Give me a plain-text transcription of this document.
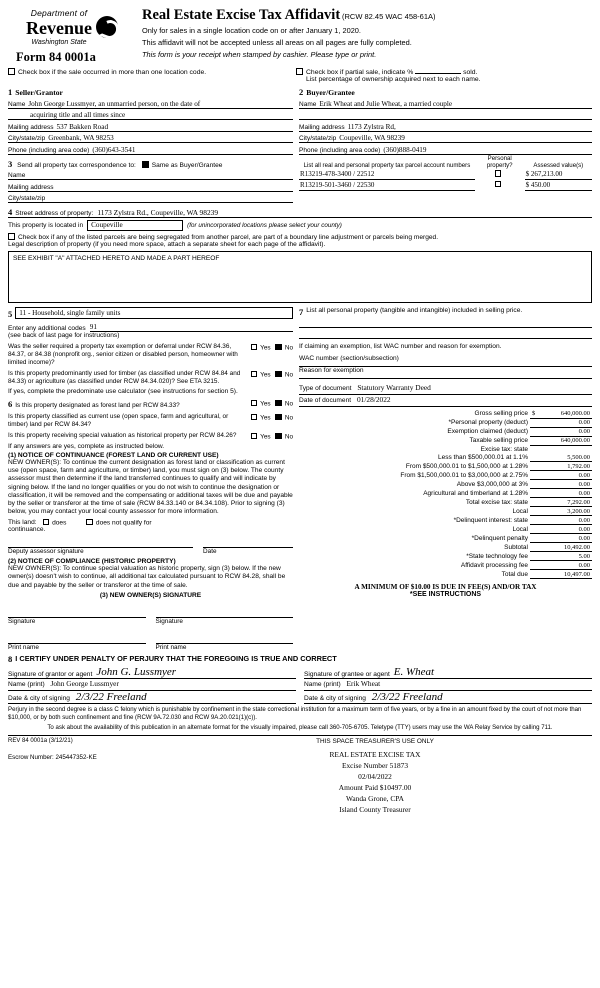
Department of
Revenue
Washington State
Form 84 0001a
Real Estate Excise Tax Affidavit (RCW 82.45 WAC 458-61A)
Only for sales in a single location code on or after January 1, 2020.
This affidavit will not be accepted unless all areas on all pages are fully completed.
This form is your receipt when stamped by cashier. Please type or print.
Check box if the sale occurred in more than one location code.	Check box if partial sale, indicate %	sold.
List percentage of ownership acquired next to each name.
1 Seller/Grantor
Name John George Lussmyer, an unmarried person, on the date of
acquiring title and all times since
Mailing address 537 Bakken Road
City/state/zip Greenbank, WA 98253
Phone (including area code) (360)643-3541
3 Send all property tax correspondence to: Same as Buyer/Grantee
Name
Mailing address
City/state/zip
2 Buyer/Grantee
Name Erik Wheat and Julie Wheat, a married couple
Mailing address 1173 Zylstra Rd,
City/state/zip Coupeville, WA 98239
Phone (including area code) (360)888-0419
List all real and personal property tax parcel account numbers	Personal property?	Assessed value(s)
R13219-478-3400 / 22512		$ 267,213.00
R13219-501-3460 / 22530		$ 450.00
4 Street address of property: 1173 Zylstra Rd., Coupeville, WA 98239
This property is located in	Coupeville	(for unincorporated locations please select your county)
Check box if any of the listed parcels are being segregated from another parcel, are part of a boundary line adjustment or parcels being merged.
Legal description of property (if you need more space, attach a separate sheet for each page of the affidavit).
SEE EXHIBIT "A" ATTACHED HERETO AND MADE A PART HEREOF
5 11 - Household, single family units
Enter any additional codes 91
(see back of last page for instructions)
Was the seller required a property tax exemption or deferral under RCW 84.36, 84.37, or 84.38 (nonprofit org., senior citizen or disabled person, homeowner with limited income)?
Yes No
Is this property predominantly used for timber (as classified under RCW 84.84 and 84.33) or agriculture (as classified under RCW 84.34.020)? See ETA 3215.
Yes No
If yes, complete the predominate use calculator (see instructions for section 5).
6 Is this property designated as forest land per RCW 84.33?	Yes No
Is this property classified as current use (open space, farm and agricultural, or timber) land per RCW 84.34?
Yes No
Is this property receiving special valuation as historical property per RCW 84.26?	Yes No
If any answers are yes, complete as instructed below.
(1) NOTICE OF CONTINUANCE (FOREST LAND OR CURRENT USE)
NEW OWNER(S): To continue the current designation as forest land or classification as current use (open space, farm and agriculture, or timber) land, you must sign on (3) below. The county assessor must then determine if the land transferred continues to qualify and will indicate by signing below. If the land no longer qualifies or you do not wish to continue the designation or classification, it will be removed and the compensating or additional taxes will be due and payable by the seller or transferor at the time of sale (RCW 84.33.140 or 84.34.108). Prior to signing (3) below, you may contact your local county assessor for more information.
This land:	does	does not qualify for
continuance.
Deputy assessor signature	Date
(2) NOTICE OF COMPLIANCE (HISTORIC PROPERTY)
NEW OWNER(S): To continue special valuation as historic property, sign (3) below. If the new owner(s) doesn't wish to continue, all additional tax calculated pursuant to RCW 84.28, shall be due and payable by the seller or transferor at the time of sale.
(3) NEW OWNER(S) SIGNATURE
Signature	Signature
Print name	Print name
7 List all personal property (tangible and intangible) included in selling price.
If claiming an exemption, list WAC number and reason for exemption.
WAC number (section/subsection)
Reason for exemption
Type of document Statutory Warranty Deed
Date of document 01/28/2022
Gross selling price	$ 640,000.00
*Personal property (deduct)	0.00
Exemption claimed (deduct)	0.00
Taxable selling price	640,000.00
Excise tax: state	
Less than $500,000.01 at 1.1%	5,500.00
From $500,000.01 to $1,500,000 at 1.28%	1,792.00
From $1,500,000.01 to $3,000,000 at 2.75%	0.00
Above $3,000,000 at 3%	0.00
Agricultural and timberland at 1.28%	0.00
Total excise tax: state	7,292.00
Local	3,200.00
*Delinquent interest: state	0.00
Local	0.00
*Delinquent penalty	0.00
Subtotal	10,492.00
*State technology fee	5.00
Affidavit processing fee	0.00
Total due	10,497.00
A MINIMUM OF $10.00 IS DUE IN FEE(S) AND/OR TAX
*SEE INSTRUCTIONS
8 I CERTIFY UNDER PENALTY OF PERJURY THAT THE FOREGOING IS TRUE AND CORRECT
Signature of grantor or agent John G. Lussmyer
Name (print) John George Lussmyer
Date & city of signing 2/3/22 Freeland
Signature of grantee or agent E. Wheat
Name (print) Erik Wheat
Date & city of signing 2/3/22 Freeland
Perjury in the second degree is a class C felony which is punishable by confinement in the state correctional institution for a maximum term of five years, or by a fine in an amount fixed by the court of not more than $10,000, or by both such confinement and fine (RCW 9A.72.030 and RCW 9A.20.021(1)(c)).
To ask about the availability of this publication in an alternate format for the visually impaired, please call 360-705-6705. Teletype (TTY) users may use the WA Relay Service by calling 711.
REV 84 0001a (3/12/21)
Escrow Number: 245447352-KE
THIS SPACE TREASURER'S USE ONLY
REAL ESTATE EXCISE TAX
Excise Number 51873
02/04/2022
Amount Paid $10497.00
Wanda Grone, CPA
Island County Treasurer
